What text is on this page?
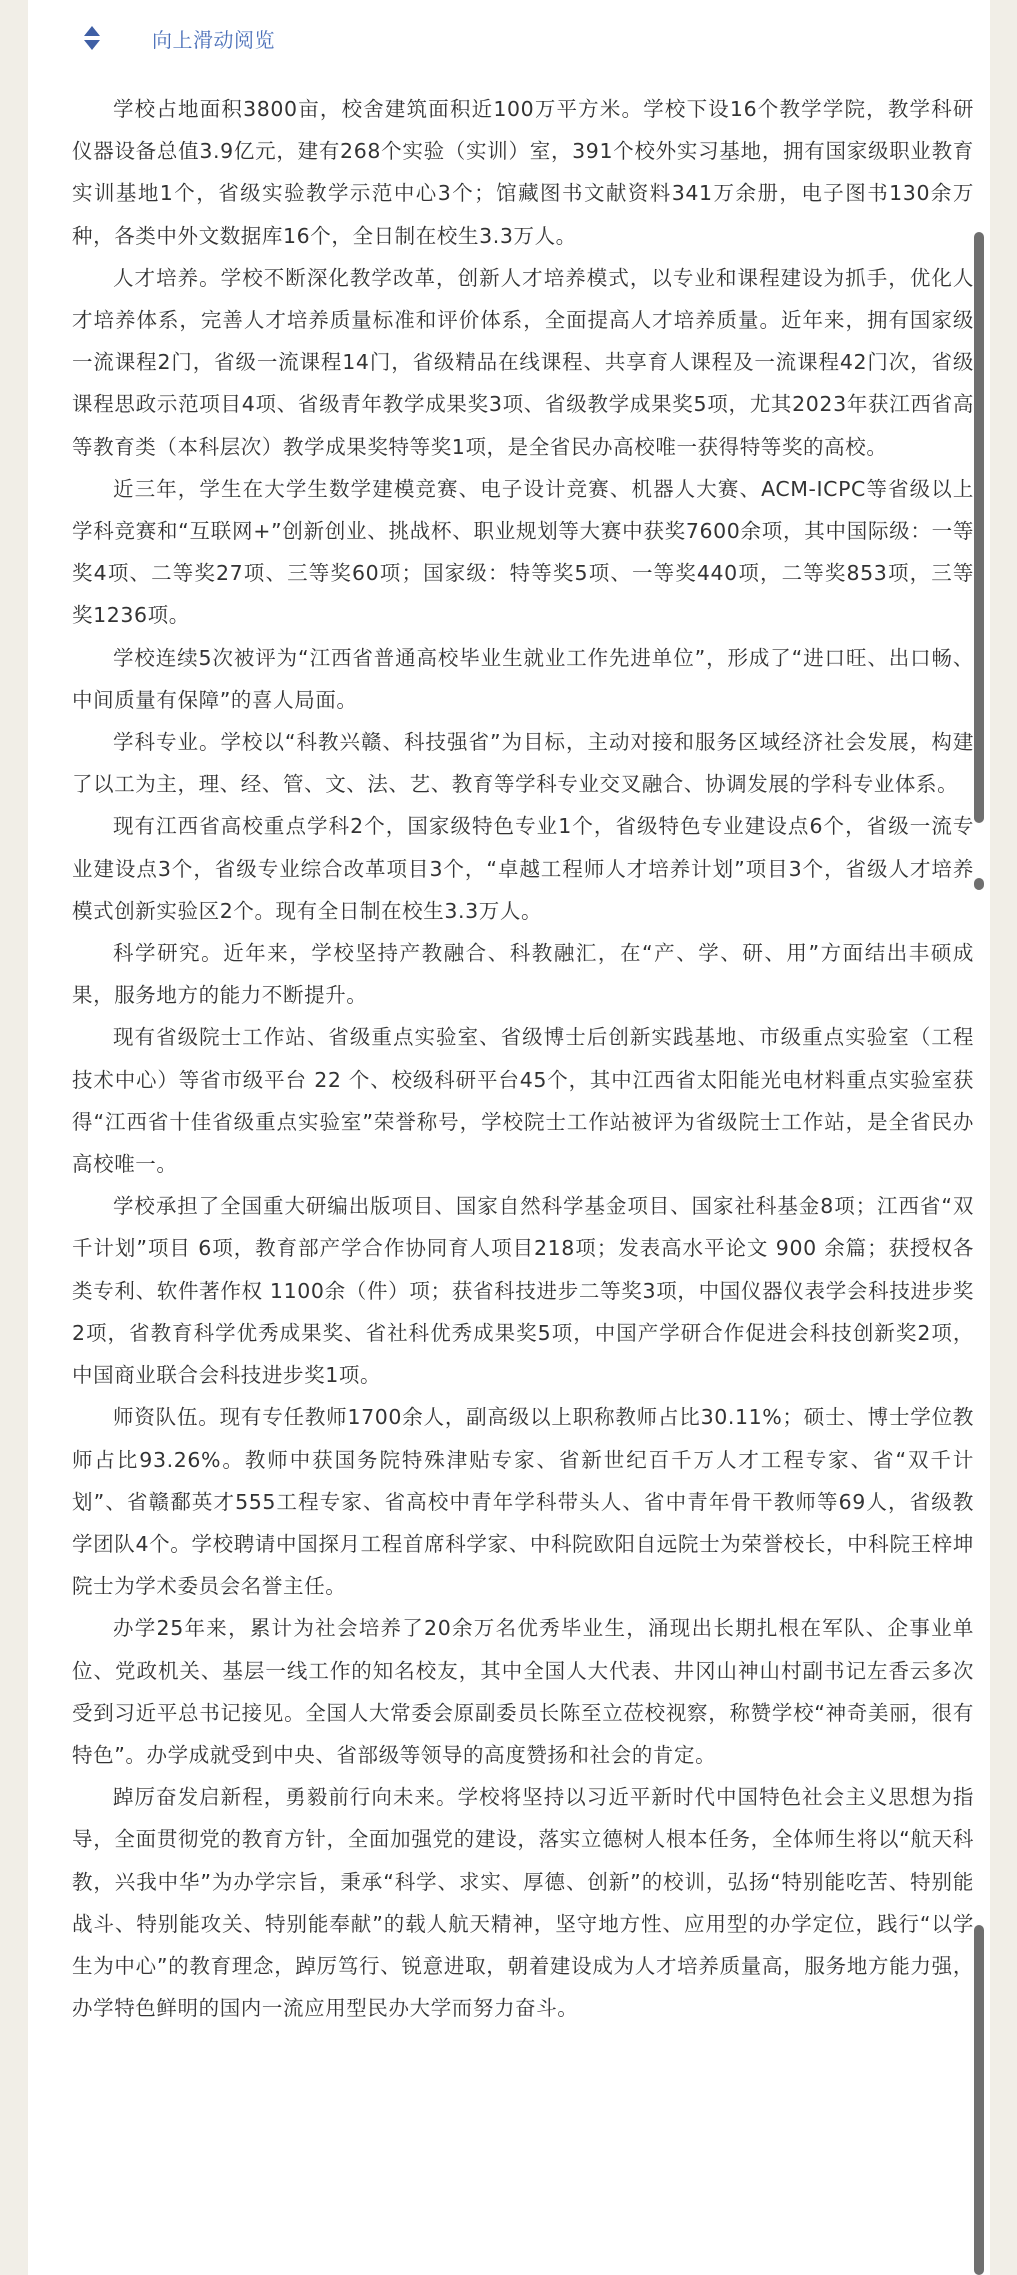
向上滑动阅览

学校占地面积3800亩，校舍建筑面积近100万平方米。学校下设16个教学学院，教学科研仪器设备总值3.9亿元，建有268个实验（实训）室，391个校外实习基地，拥有国家级职业教育实训基地1个，省级实验教学示范中心3个；馆藏图书文献资料341万余册，电子图书130余万种，各类中外文数据库16个，全日制在校生3.3万人。

人才培养。学校不断深化教学改革，创新人才培养模式，以专业和课程建设为抓手，优化人才培养体系，完善人才培养质量标准和评价体系，全面提高人才培养质量。近年来，拥有国家级一流课程2门，省级一流课程14门，省级精品在线课程、共享育人课程及一流课程42门次，省级课程思政示范项目4项、省级青年教学成果奖3项、省级教学成果奖5项，尤其2023年获江西省高等教育类（本科层次）教学成果奖特等奖1项，是全省民办高校唯一获得特等奖的高校。

近三年，学生在大学生数学建模竞赛、电子设计竞赛、机器人大赛、ACM-ICPC等省级以上学科竞赛和“互联网+”创新创业、挑战杯、职业规划等大赛中获奖7600余项，其中国际级：一等奖4项、二等奖27项、三等奖60项；国家级：特等奖5项、一等奖440项，二等奖853项，三等奖1236项。

学校连续5次被评为“江西省普通高校毕业生就业工作先进单位”，形成了“进口旺、出口畅、中间质量有保障”的喜人局面。

学科专业。学校以“科教兴赣、科技强省”为目标，主动对接和服务区域经济社会发展，构建了以工为主，理、经、管、文、法、艺、教育等学科专业交叉融合、协调发展的学科专业体系。

现有江西省高校重点学科2个，国家级特色专业1个，省级特色专业建设点6个，省级一流专业建设点3个，省级专业综合改革项目3个，“卓越工程师人才培养计划”项目3个，省级人才培养模式创新实验区2个。现有全日制在校生3.3万人。

科学研究。近年来，学校坚持产教融合、科教融汇，在“产、学、研、用”方面结出丰硕成果，服务地方的能力不断提升。

现有省级院士工作站、省级重点实验室、省级博士后创新实践基地、市级重点实验室（工程技术中心）等省市级平台 22 个、校级科研平台45个，其中江西省太阳能光电材料重点实验室获得“江西省十佳省级重点实验室”荣誉称号，学校院士工作站被评为省级院士工作站，是全省民办高校唯一。

学校承担了全国重大研编出版项目、国家自然科学基金项目、国家社科基金8项；江西省“双千计划”项目 6项，教育部产学合作协同育人项目218项；发表高水平论文 900 余篇；获授权各类专利、软件著作权 1100余（件）项；获省科技进步二等奖3项，中国仪器仪表学会科技进步奖2项，省教育科学优秀成果奖、省社科优秀成果奖5项，中国产学研合作促进会科技创新奖2项，中国商业联合会科技进步奖1项。

师资队伍。现有专任教师1700余人，副高级以上职称教师占比30.11%；硕士、博士学位教师占比93.26%。教师中获国务院特殊津贴专家、省新世纪百千万人才工程专家、省“双千计划”、省赣鄱英才555工程专家、省高校中青年学科带头人、省中青年骨干教师等69人，省级教学团队4个。学校聘请中国探月工程首席科学家、中科院欧阳自远院士为荣誉校长，中科院王梓坤院士为学术委员会名誉主任。

办学25年来，累计为社会培养了20余万名优秀毕业生，涌现出长期扎根在军队、企事业单位、党政机关、基层一线工作的知名校友，其中全国人大代表、井冈山神山村副书记左香云多次受到习近平总书记接见。全国人大常委会原副委员长陈至立莅校视察，称赞学校“神奇美丽，很有特色”。办学成就受到中央、省部级等领导的高度赞扬和社会的肯定。

踔厉奋发启新程，勇毅前行向未来。学校将坚持以习近平新时代中国特色社会主义思想为指导，全面贯彻党的教育方针，全面加强党的建设，落实立德树人根本任务，全体师生将以“航天科教，兴我中华”为办学宗旨，秉承“科学、求实、厚德、创新”的校训，弘扬“特别能吃苦、特别能战斗、特别能攻关、特别能奉献”的载人航天精神，坚守地方性、应用型的办学定位，践行“以学生为中心”的教育理念，踔厉笃行、锐意进取，朝着建设成为人才培养质量高，服务地方能力强，办学特色鲜明的国内一流应用型民办大学而努力奋斗。
